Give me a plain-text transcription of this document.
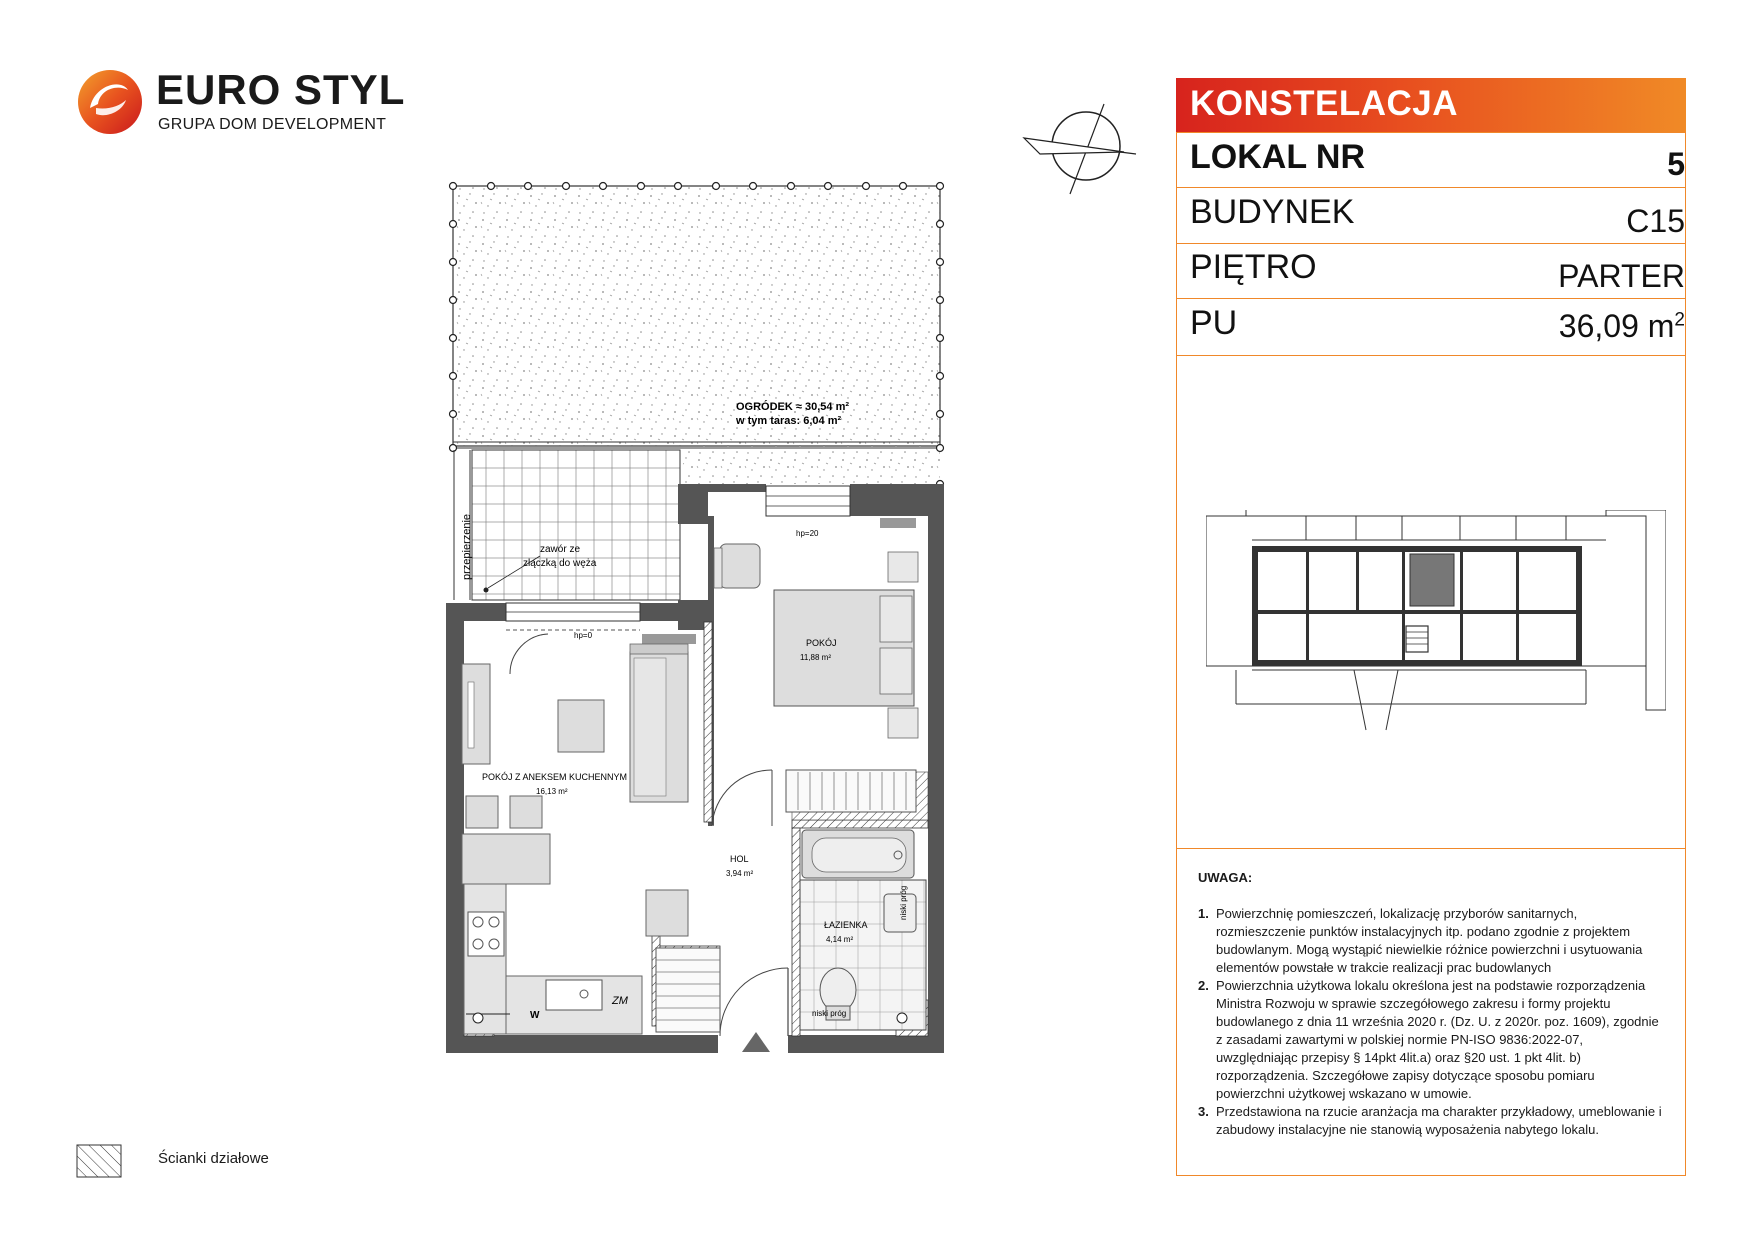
EURO STYL
GRUPA DOM DEVELOPMENT
OGRÓDEK ≈ 30,54 m²
w tym taras: 6,04 m²
przepierzenie	zawór ze
złączką do węża
hp=20
hp=0
POKÓJ
11,88 m²
HOL
3,94 m²
POKÓJ Z ANEKSEM KUCHENNYM
16,13 m²
ZM
W
ŁAZIENKA
4,14 m²
niski próg
niski próg
KONSTELACJA
LOKAL NR	5
BUDYNEK	C15
PIĘTRO	PARTER
PU	36,09 $m^2$
UWAGA:
1. Powierzchnię pomieszczeń, lokalizację przyborów sanitarnych, rozmieszczenie punktów instalacyjnych itp. podano zgodnie z projektem budowlanym. Mogą wystąpić niewielkie różnice powierzchni i usytuowania elementów powstałe w trakcie realizacji prac budowlanych
2. Powierzchnia użytkowa lokalu określona jest na podstawie rozporządzenia Ministra Rozwoju w sprawie szczegółowego zakresu i formy projektu budowlanego z dnia 11 września 2020 r. (Dz. U. z 2020r. poz. 1609), zgodnie z zasadami zawartymi w polskiej normie PN-ISO 9836:2022-07, uwzględniając przepisy § 14pkt 4lit.a) oraz §20 ust. 1 pkt 4lit. b) rozporządzenia. Szczegółowe zapisy dotyczące sposobu pomiaru powierzchni użytkowej wskazano w umowie.
3. Przedstawiona na rzucie aranżacja ma charakter przykładowy, umeblowanie i zabudowy instalacyjne nie stanowią wyposażenia nabytego lokalu.
Ścianki działowe
